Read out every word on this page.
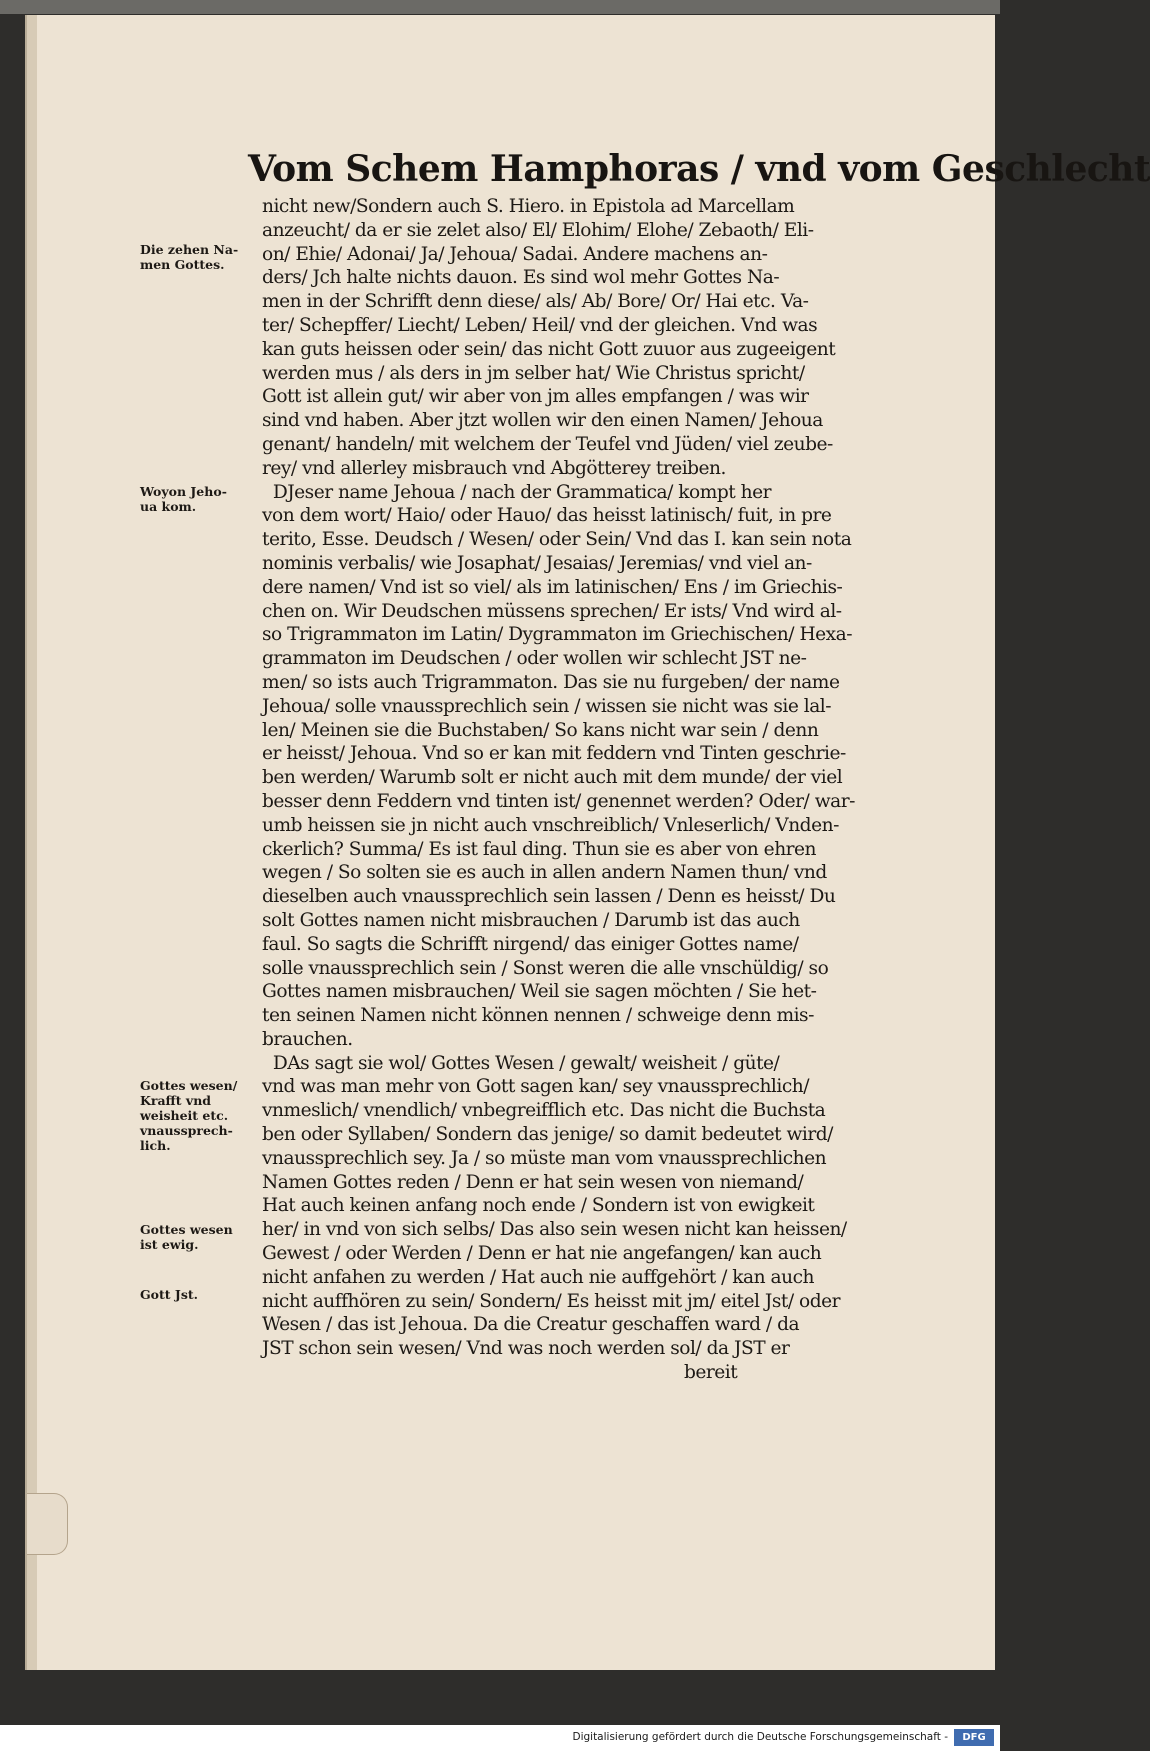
Vom Schem Hamphoras / vnd vom Geschlecht
nicht new/Sondern auch S. Hiero. in Epistola ad Marcellam
anzeucht/ da er sie zelet also/ El/ Elohim/ Elohe/ Zebaoth/ Eli-
on/ Ehie/ Adonai/ Ja/ Jehoua/ Sadai. Andere machens an-
ders/ Jch halte nichts dauon. Es sind wol mehr Gottes Na-
men in der Schrifft denn diese/ als/ Ab/ Bore/ Or/ Hai etc. Va-
ter/ Schepffer/ Liecht/ Leben/ Heil/ vnd der gleichen. Vnd was
kan guts heissen oder sein/ das nicht Gott zuuor aus zugeeigent
werden mus / als ders in jm selber hat/ Wie Christus spricht/
Gott ist allein gut/ wir aber von jm alles empfangen / was wir
sind vnd haben. Aber jtzt wollen wir den einen Namen/ Jehoua
genant/ handeln/ mit welchem der Teufel vnd Jüden/ viel zeube-
rey/ vnd allerley misbrauch vnd Abgötterey treiben.
DJeser name Jehoua / nach der Grammatica/ kompt her
von dem wort/ Haio/ oder Hauo/ das heisst latinisch/ fuit, in pre
terito, Esse. Deudsch / Wesen/ oder Sein/ Vnd das I. kan sein nota
nominis verbalis/ wie Josaphat/ Jesaias/ Jeremias/ vnd viel an-
dere namen/ Vnd ist so viel/ als im latinischen/ Ens / im Griechis-
chen on. Wir Deudschen müssens sprechen/ Er ists/ Vnd wird al-
so Trigrammaton im Latin/ Dygrammaton im Griechischen/ Hexa-
grammaton im Deudschen / oder wollen wir schlecht JST ne-
men/ so ists auch Trigrammaton. Das sie nu furgeben/ der name
Jehoua/ solle vnaussprechlich sein / wissen sie nicht was sie lal-
len/ Meinen sie die Buchstaben/ So kans nicht war sein / denn
er heisst/ Jehoua. Vnd so er kan mit feddern vnd Tinten geschrie-
ben werden/ Warumb solt er nicht auch mit dem munde/ der viel
besser denn Feddern vnd tinten ist/ genennet werden? Oder/ war-
umb heissen sie jn nicht auch vnschreiblich/ Vnleserlich/ Vnden-
ckerlich? Summa/ Es ist faul ding. Thun sie es aber von ehren
wegen / So solten sie es auch in allen andern Namen thun/ vnd
dieselben auch vnaussprechlich sein lassen / Denn es heisst/ Du
solt Gottes namen nicht misbrauchen / Darumb ist das auch
faul. So sagts die Schrifft nirgend/ das einiger Gottes name/
solle vnaussprechlich sein / Sonst weren die alle vnschüldig/ so
Gottes namen misbrauchen/ Weil sie sagen möchten / Sie het-
ten seinen Namen nicht können nennen / schweige denn mis-
brauchen.
DAs sagt sie wol/ Gottes Wesen / gewalt/ weisheit / güte/
vnd was man mehr von Gott sagen kan/ sey vnaussprechlich/
vnmeslich/ vnendlich/ vnbegreifflich etc. Das nicht die Buchsta
ben oder Syllaben/ Sondern das jenige/ so damit bedeutet wird/
vnaussprechlich sey. Ja / so müste man vom vnaussprechlichen
Namen Gottes reden / Denn er hat sein wesen von niemand/
Hat auch keinen anfang noch ende / Sondern ist von ewigkeit
her/ in vnd von sich selbs/ Das also sein wesen nicht kan heissen/
Gewest / oder Werden / Denn er hat nie angefangen/ kan auch
nicht anfahen zu werden / Hat auch nie auffgehört / kan auch
nicht auffhören zu sein/ Sondern/ Es heisst mit jm/ eitel Jst/ oder
Wesen / das ist Jehoua. Da die Creatur geschaffen ward / da
JST schon sein wesen/ Vnd was noch werden sol/ da JST er
bereit
Die zehen Na-
men Gottes.
Woyon Jeho-
ua kom.
Gottes wesen/
Krafft vnd
weisheit etc.
vnaussprech-
lich.
Gottes wesen
ist ewig.
Gott Jst.
Digitalisierung gefördert durch die Deutsche Forschungsgemeinschaft -	DFG
